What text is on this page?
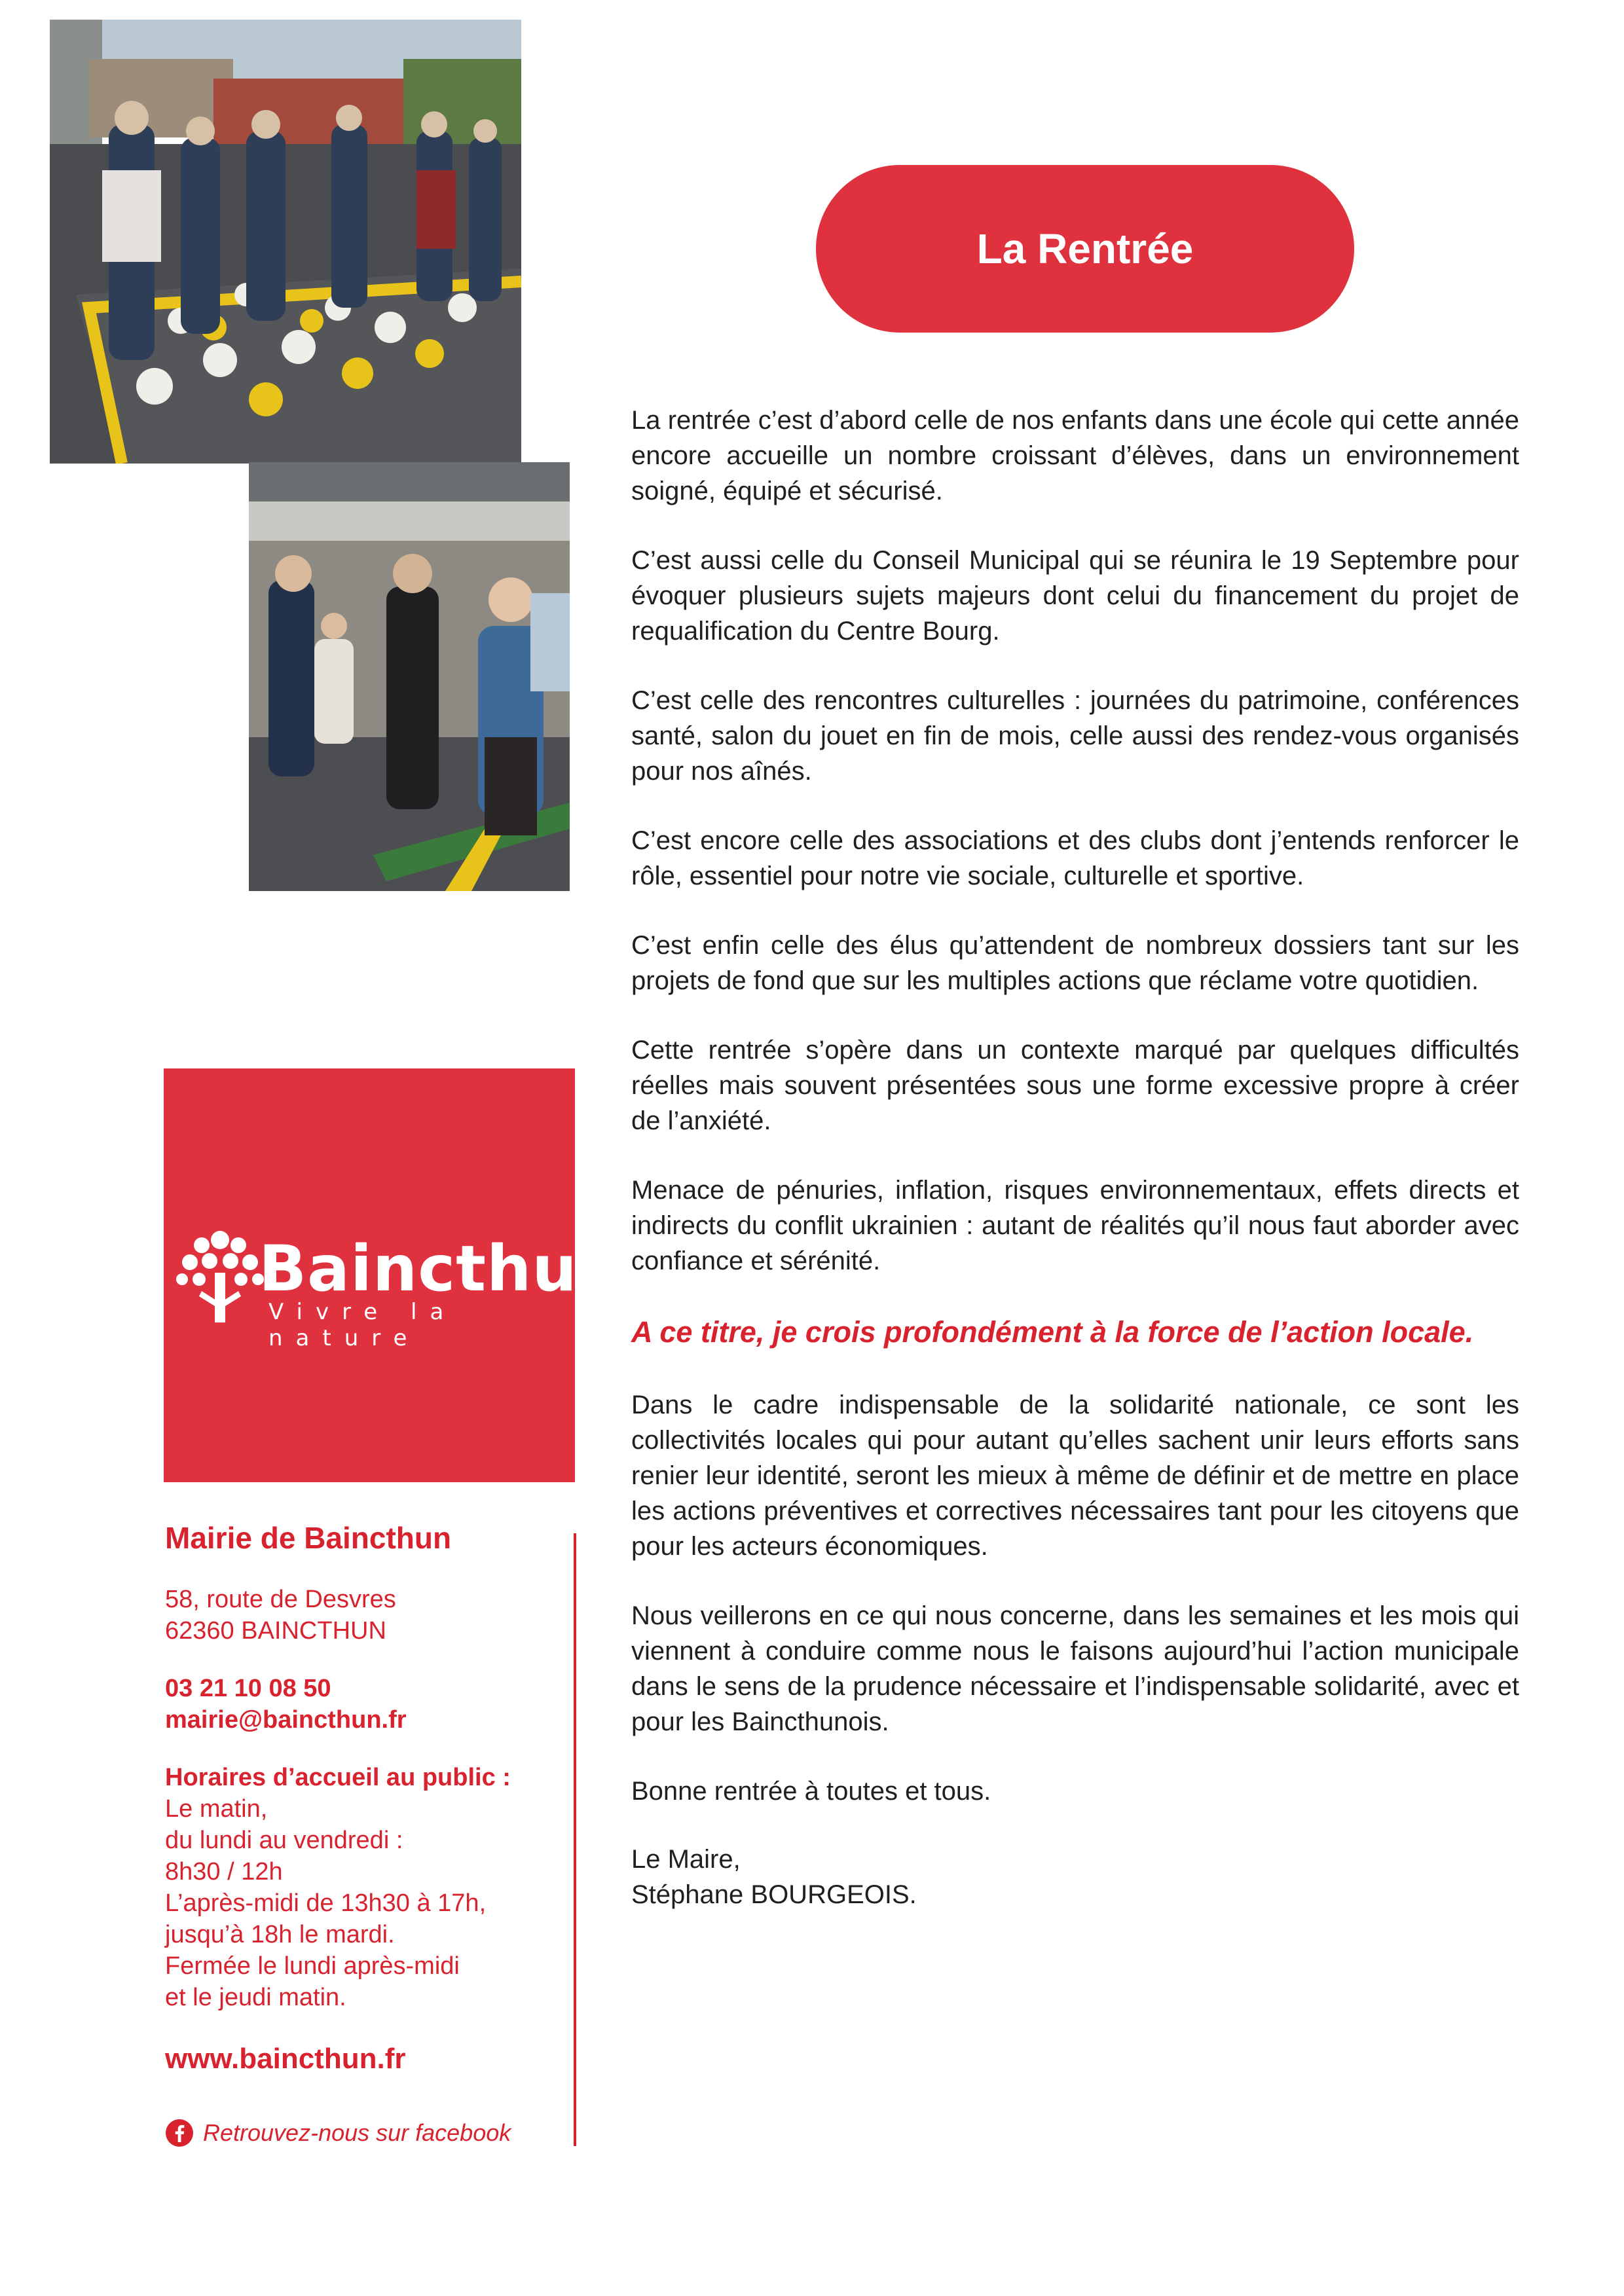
La Rentrée

La rentrée c’est d’abord celle de nos enfants dans une école qui cette année encore accueille un nombre croissant d’élèves, dans un environnement soigné, équipé et sécurisé.

C’est aussi celle du Conseil Municipal qui se réunira le 19 Septembre pour évoquer plusieurs sujets majeurs dont celui du financement du projet de requalification du Centre Bourg.

C’est celle des rencontres culturelles : journées du patrimoine, conférences santé, salon du jouet en fin de mois, celle aussi des rendez-vous organisés pour nos aînés.

C’est encore celle des associations et des clubs dont j’entends renforcer le rôle, essentiel pour notre vie sociale, culturelle et sportive.

C’est enfin celle des élus qu’attendent de nombreux dossiers tant sur les projets de fond que sur les multiples actions que réclame votre quotidien.

Cette rentrée s’opère dans un contexte marqué par quelques difficultés réelles mais souvent présentées sous une forme excessive propre à créer de l’anxiété.

Menace de pénuries, inflation, risques environnementaux, effets directs et indirects du conflit ukrainien : autant de réalités qu’il nous faut aborder avec confiance et sérénité.

A ce titre, je crois profondément à la force de l’action locale.

Dans le cadre indispensable de la solidarité nationale, ce sont les collectivités locales qui pour autant qu’elles sachent unir leurs efforts sans renier leur identité, seront les mieux à même de définir et de mettre en place les actions préventives et correctives nécessaires tant pour les citoyens que pour les acteurs économiques.

Nous veillerons en ce qui nous concerne, dans les semaines et les mois qui viennent à conduire comme nous le faisons aujourd’hui l’action municipale dans le sens de la prudence nécessaire et l’indispensable solidarité, avec et pour les Baincthunois.

Bonne rentrée à toutes et tous.

Le Maire,

Stéphane BOURGEOIS.

Baincthun
Vivre la nature
Mairie de Baincthun
58, route de Desvres
62360 BAINCTHUN
03 21 10 08 50
mairie@baincthun.fr
Horaires d’accueil au public :
Le matin,
du lundi au vendredi :
8h30 / 12h
L’après-midi de 13h30 à 17h,
jusqu’à 18h le mardi.
Fermée le lundi après-midi
et le jeudi matin.
www.baincthun.fr
Retrouvez-nous sur facebook
